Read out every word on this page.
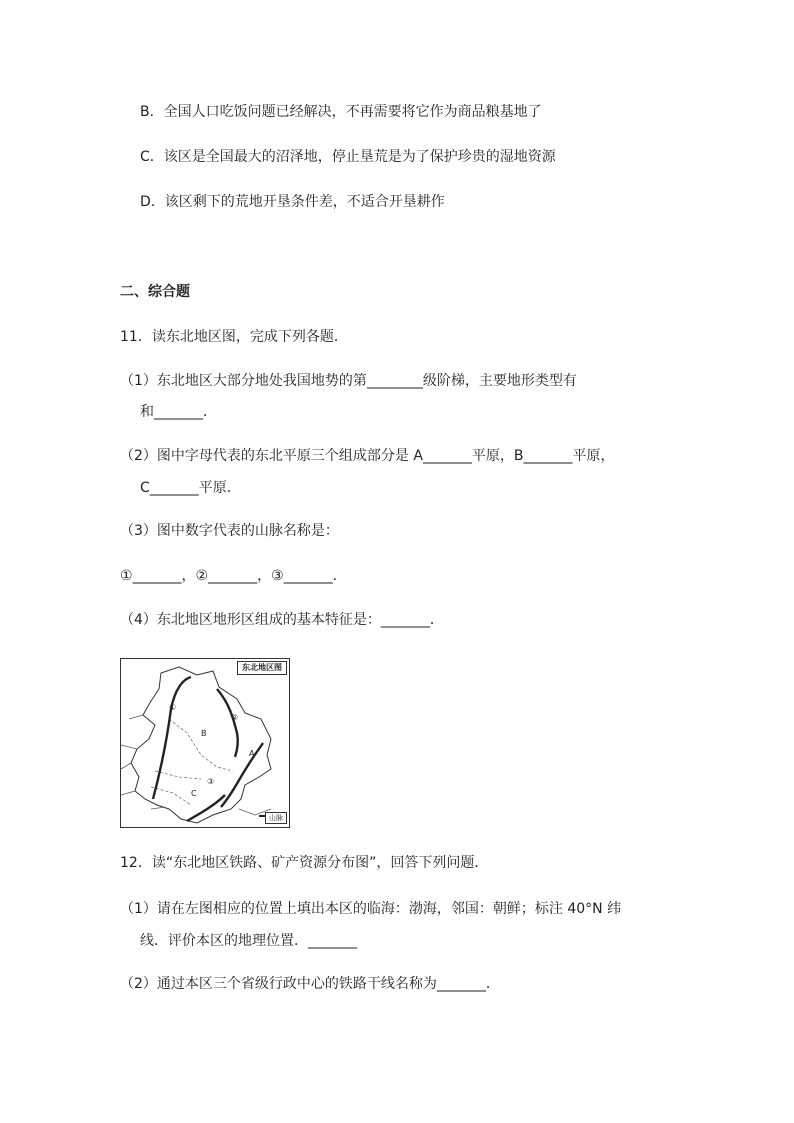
B．全国人口吃饭问题已经解决，不再需要将它作为商品粮基地了
C．该区是全国最大的沼泽地，停止垦荒是为了保护珍贵的湿地资源
D．该区剩下的荒地开垦条件差，不适合开垦耕作
二、综合题
11．读东北地区图，完成下列各题．
（1）东北地区大部分地处我国地势的第________级阶梯，主要地形类型有
和_______．
（2）图中字母代表的东北平原三个组成部分是 A_______平原，B_______平原，
C_______平原．
（3）图中数字代表的山脉名称是：
①_______，②_______，③_______．
（4）东北地区地形区组成的基本特征是：_______．
东北地区图
①
②
③
B
A
C
山脉
12．读“东北地区铁路、矿产资源分布图”，回答下列问题．
（1）请在左图相应的位置上填出本区的临海：渤海，邻国：朝鲜；标注 40°N 纬
线．评价本区的地理位置．_______
（2）通过本区三个省级行政中心的铁路干线名称为_______．
